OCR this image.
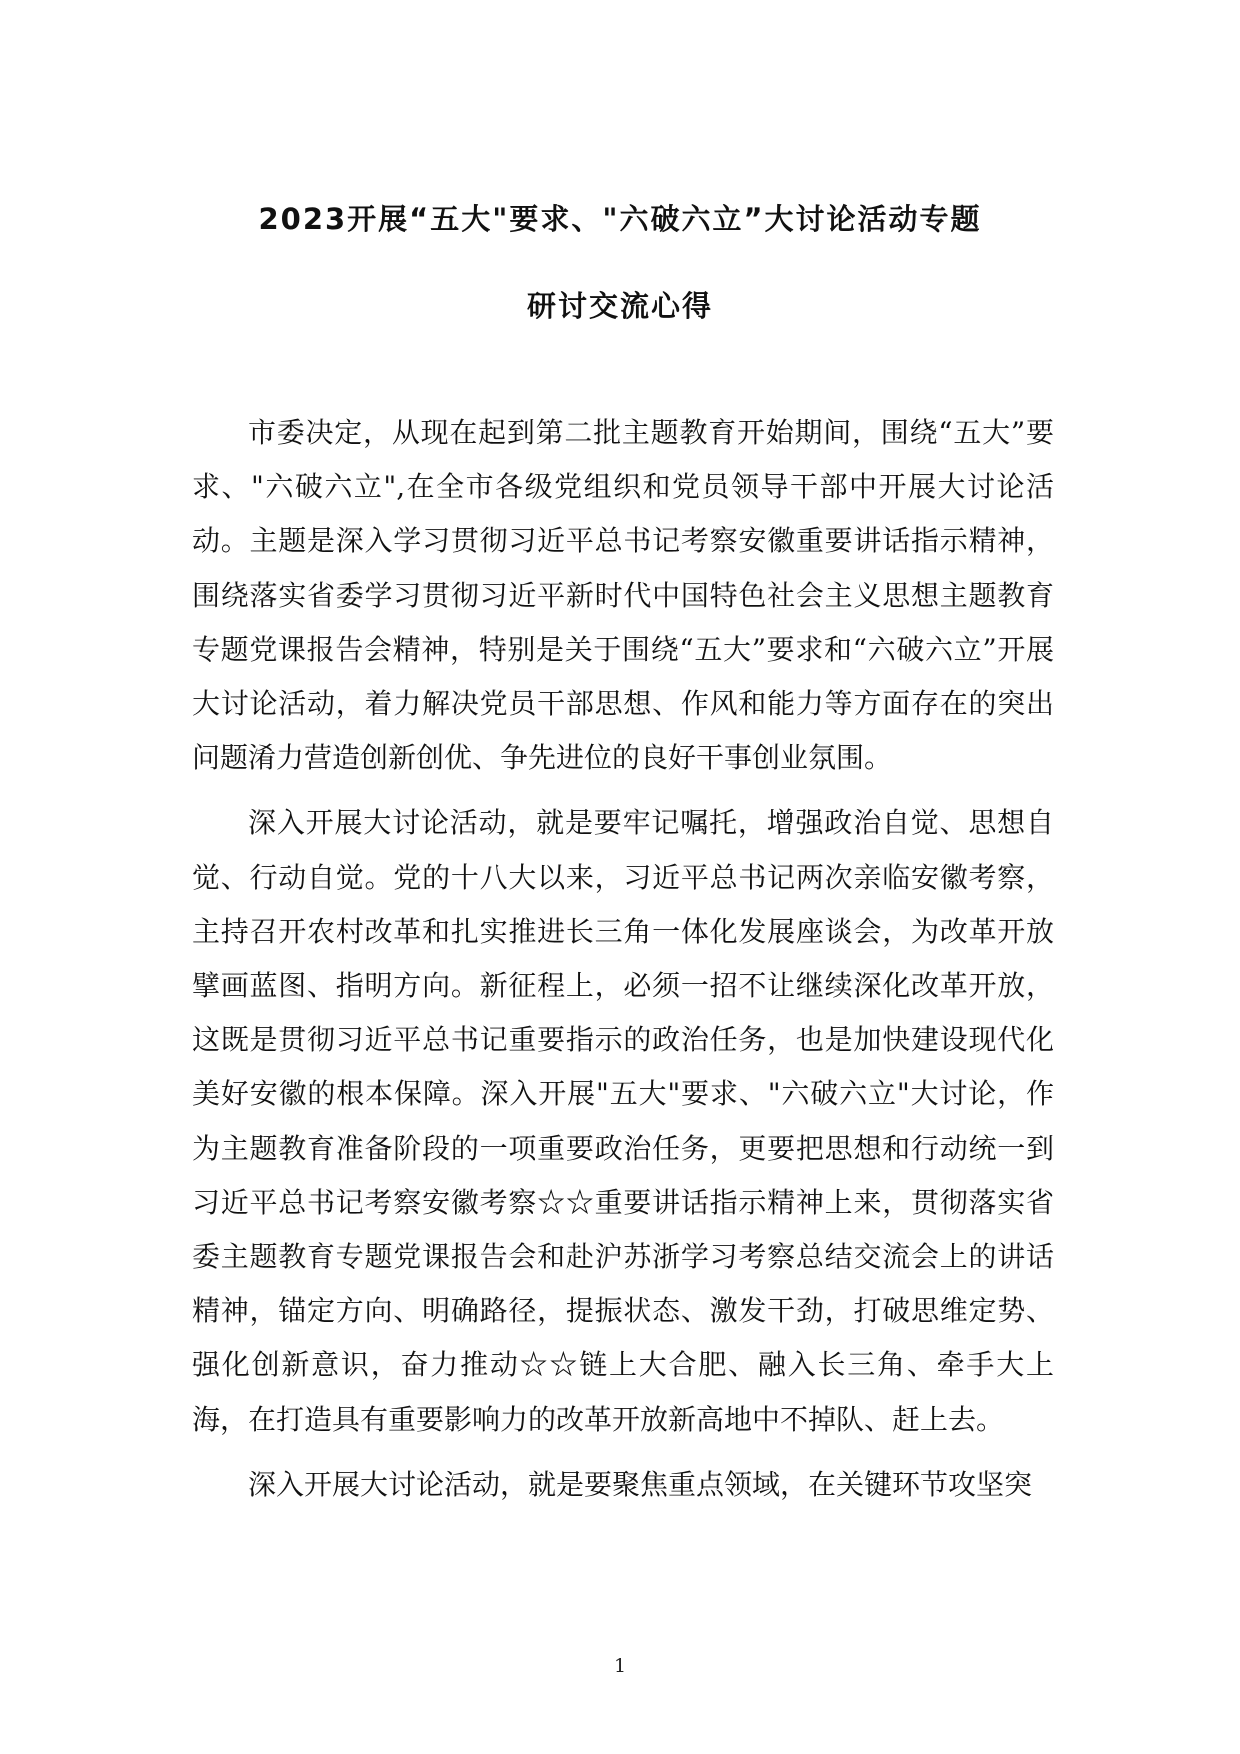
2023开展“五大"要求、"六破六立”大讨论活动专题
研讨交流心得

市委决定，从现在起到第二批主题教育开始期间，围绕“五大”要求、"六破六立",在全市各级党组织和党员领导干部中开展大讨论活动。主题是深入学习贯彻习近平总书记考察安徽重要讲话指示精神，围绕落实省委学习贯彻习近平新时代中国特色社会主义思想主题教育专题党课报告会精神，特别是关于围绕“五大”要求和“六破六立”开展大讨论活动，着力解决党员干部思想、作风和能力等方面存在的突出问题淆力营造创新创优、争先进位的良好干事创业氛围。

深入开展大讨论活动，就是要牢记嘱托，增强政治自觉、思想自觉、行动自觉。党的十八大以来，习近平总书记两次亲临安徽考察，主持召开农村改革和扎实推进长三角一体化发展座谈会，为改革开放擘画蓝图、指明方向。新征程上，必须一招不让继续深化改革开放，这既是贯彻习近平总书记重要指示的政治任务，也是加快建设现代化美好安徽的根本保障。深入开展"五大"要求、"六破六立"大讨论，作为主题教育准备阶段的一项重要政治任务，更要把思想和行动统一到习近平总书记考察安徽考察☆☆重要讲话指示精神上来，贯彻落实省委主题教育专题党课报告会和赴沪苏浙学习考察总结交流会上的讲话精神，锚定方向、明确路径，提振状态、激发干劲，打破思维定势、强化创新意识，奋力推动☆☆链上大合肥、融入长三角、牵手大上海，在打造具有重要影响力的改革开放新高地中不掉队、赶上去。

深入开展大讨论活动，就是要聚焦重点领域，在关键环节攻坚突

1
